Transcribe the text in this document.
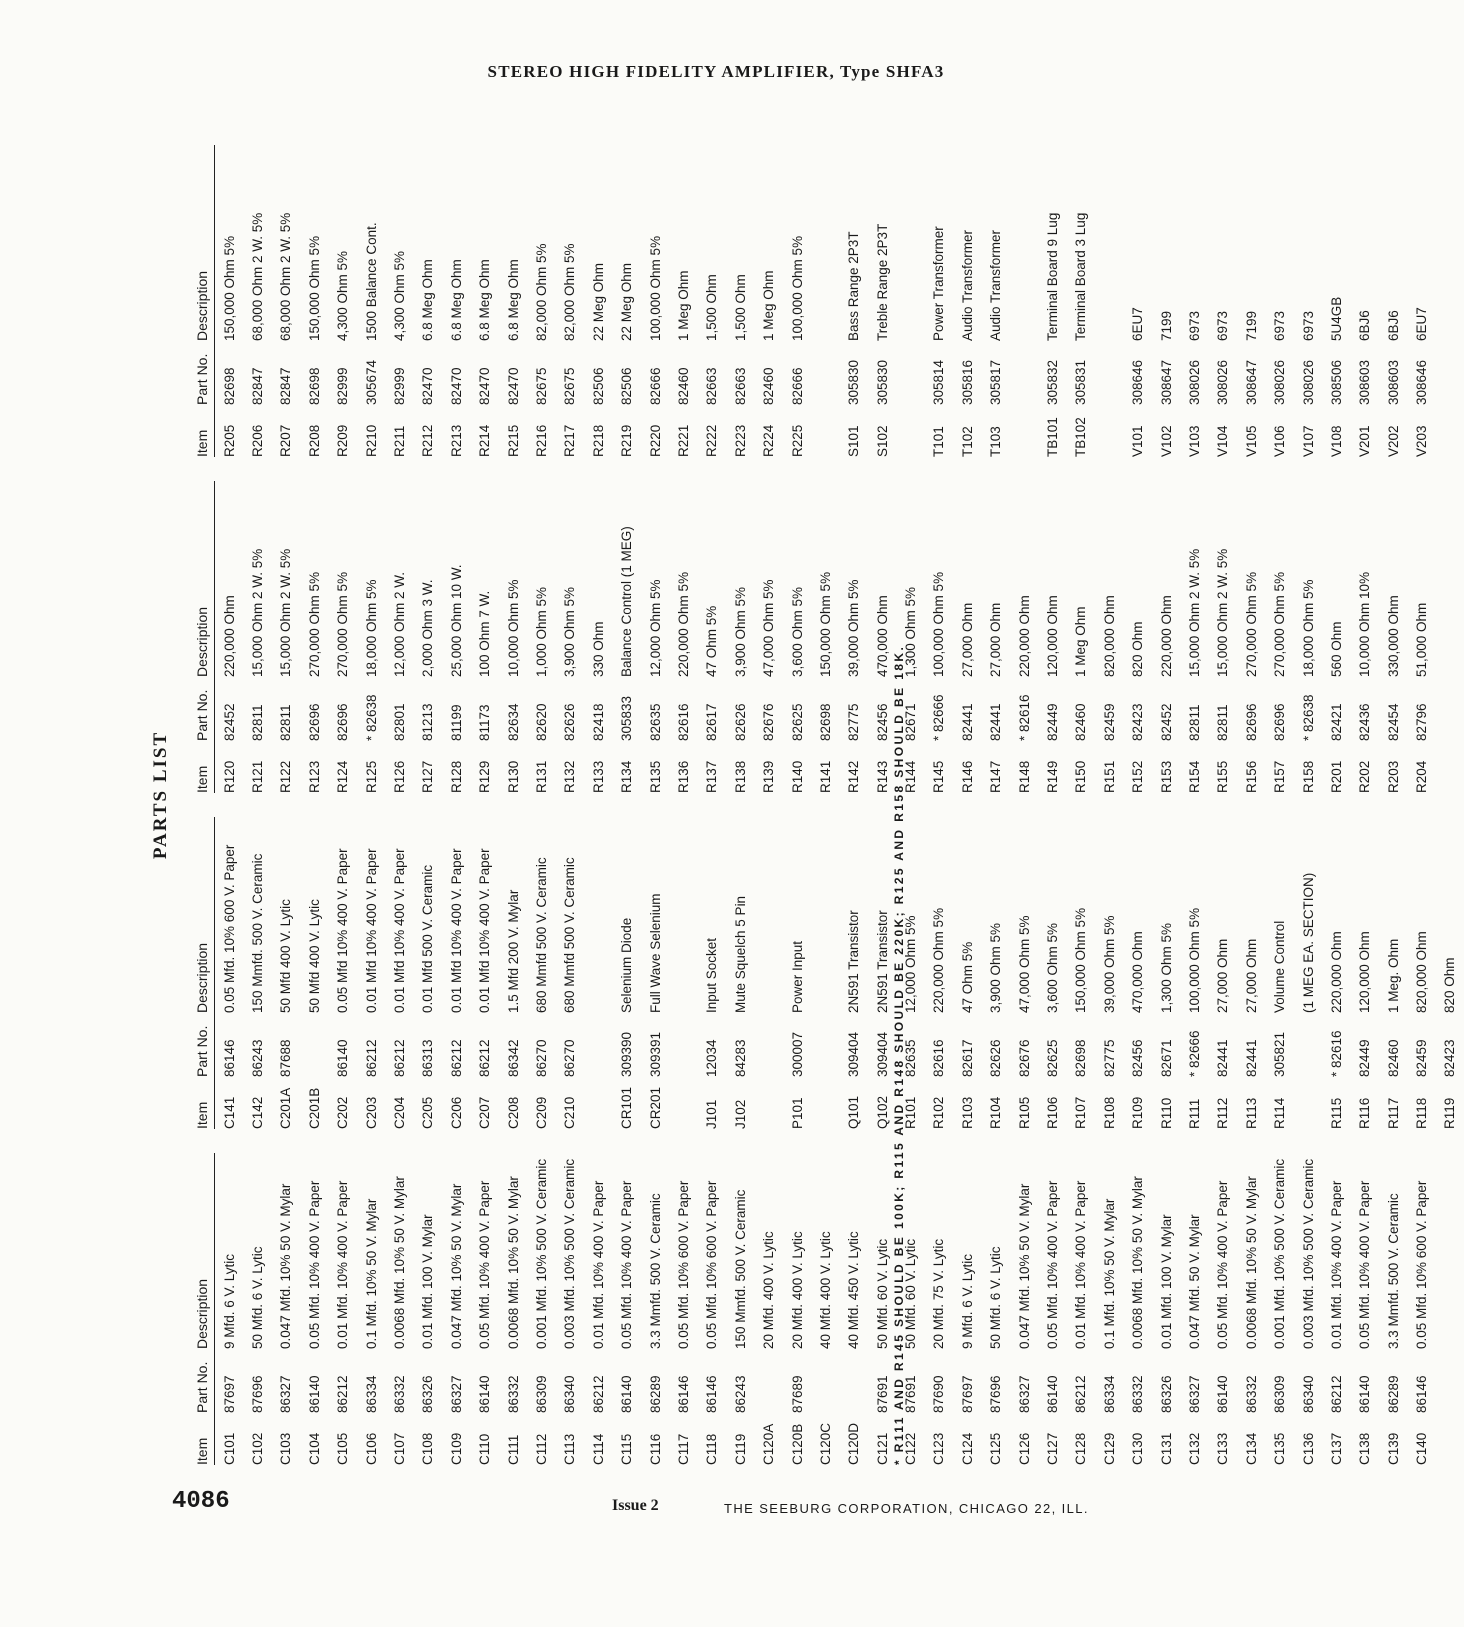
STEREO HIGH FIDELITY AMPLIFIER, Type SHFA3
PARTS LIST
Item
Part No.
Description
C101
87697
9 Mfd. 6 V. Lytic
C102
87696
50 Mfd. 6 V. Lytic
C103
86327
0.047 Mfd. 10% 50 V. Mylar
C104
86140
0.05 Mfd. 10% 400 V. Paper
C105
86212
0.01 Mfd. 10% 400 V. Paper
C106
86334
0.1 Mfd. 10% 50 V. Mylar
C107
86332
0.0068 Mfd. 10% 50 V. Mylar
C108
86326
0.01 Mfd. 100 V. Mylar
C109
86327
0.047 Mfd. 10% 50 V. Mylar
C110
86140
0.05 Mfd. 10% 400 V. Paper
C111
86332
0.0068 Mfd. 10% 50 V. Mylar
C112
86309
0.001 Mfd. 10% 500 V. Ceramic
C113
86340
0.003 Mfd. 10% 500 V. Ceramic
C114
86212
0.01 Mfd. 10% 400 V. Paper
C115
86140
0.05 Mfd. 10% 400 V. Paper
C116
86289
3.3 Mmfd. 500 V. Ceramic
C117
86146
0.05 Mfd. 10% 600 V. Paper
C118
86146
0.05 Mfd. 10% 600 V. Paper
C119
86243
150 Mmfd. 500 V. Ceramic
C120A
20 Mfd. 400 V. Lytic
C120B
87689
20 Mfd. 400 V. Lytic
C120C
40 Mfd. 400 V. Lytic
C120D
40 Mfd. 450 V. Lytic
C121
87691
50 Mfd. 60 V. Lytic
C122
87691
50 Mfd. 60 V. Lytic
C123
87690
20 Mfd. 75 V. Lytic
C124
87697
9 Mfd. 6 V. Lytic
C125
87696
50 Mfd. 6 V. Lytic
C126
86327
0.047 Mfd. 10% 50 V. Mylar
C127
86140
0.05 Mfd. 10% 400 V. Paper
C128
86212
0.01 Mfd. 10% 400 V. Paper
C129
86334
0.1 Mfd. 10% 50 V. Mylar
C130
86332
0.0068 Mfd. 10% 50 V. Mylar
C131
86326
0.01 Mfd. 100 V. Mylar
C132
86327
0.047 Mfd. 50 V. Mylar
C133
86140
0.05 Mfd. 10% 400 V. Paper
C134
86332
0.0068 Mfd. 10% 50 V. Mylar
C135
86309
0.001 Mfd. 10% 500 V. Ceramic
C136
86340
0.003 Mfd. 10% 500 V. Ceramic
C137
86212
0.01 Mfd. 10% 400 V. Paper
C138
86140
0.05 Mfd. 10% 400 V. Paper
C139
86289
3.3 Mmfd. 500 V. Ceramic
C140
86146
0.05 Mfd. 10% 600 V. Paper
Item
Part No.
Description
C141
86146
0.05 Mfd. 10% 600 V. Paper
C142
86243
150 Mmfd. 500 V. Ceramic
C201A
87688
50 Mfd 400 V. Lytic
C201B
50 Mfd 400 V. Lytic
C202
86140
0.05 Mfd 10% 400 V. Paper
C203
86212
0.01 Mfd 10% 400 V. Paper
C204
86212
0.01 Mfd 10% 400 V. Paper
C205
86313
0.01 Mfd 500 V. Ceramic
C206
86212
0.01 Mfd 10% 400 V. Paper
C207
86212
0.01 Mfd 10% 400 V. Paper
C208
86342
1.5 Mfd 200 V. Mylar
C209
86270
680 Mmfd 500 V. Ceramic
C210
86270
680 Mmfd 500 V. Ceramic
CR101
309390
Selenium Diode
CR201
309391
Full Wave Selenium
J101
12034
Input Socket
J102
84283
Mute Squelch 5 Pin
P101
300007
Power Input
Q101
309404
2N591 Transistor
Q102
309404
2N591 Transistor
R101
82635
12,000 Ohm 5%
R102
82616
220,000 Ohm 5%
R103
82617
47 Ohm 5%
R104
82626
3,900 Ohm 5%
R105
82676
47,000 Ohm 5%
R106
82625
3,600 Ohm 5%
R107
82698
150,000 Ohm 5%
R108
82775
39,000 Ohm 5%
R109
82456
470,000 Ohm
R110
82671
1,300 Ohm 5%
R111
* 82666
100,000 Ohm 5%
R112
82441
27,000 Ohm
R113
82441
27,000 Ohm
R114
305821
Volume Control (1 MEG EA. SECTION)
R115
* 82616
220,000 Ohm
R116
82449
120,000 Ohm
R117
82460
1 Meg. Ohm
R118
82459
820,000 Ohm
R119
82423
820 Ohm
Item
Part No.
Description
R120
82452
220,000 Ohm
R121
82811
15,000 Ohm 2 W. 5%
R122
82811
15,000 Ohm 2 W. 5%
R123
82696
270,000 Ohm 5%
R124
82696
270,000 Ohm 5%
R125
* 82638
18,000 Ohm 5%
R126
82801
12,000 Ohm 2 W.
R127
81213
2,000 Ohm 3 W.
R128
81199
25,000 Ohm 10 W.
R129
81173
100 Ohm 7 W.
R130
82634
10,000 Ohm 5%
R131
82620
1,000 Ohm 5%
R132
82626
3,900 Ohm 5%
R133
82418
330 Ohm
R134
305833
Balance Control (1 MEG)
R135
82635
12,000 Ohm 5%
R136
82616
220,000 Ohm 5%
R137
82617
47 Ohm 5%
R138
82626
3,900 Ohm 5%
R139
82676
47,000 Ohm 5%
R140
82625
3,600 Ohm 5%
R141
82698
150,000 Ohm 5%
R142
82775
39,000 Ohm 5%
R143
82456
470,000 Ohm
R144
82671
1,300 Ohm 5%
R145
* 82666
100,000 Ohm 5%
R146
82441
27,000 Ohm
R147
82441
27,000 Ohm
R148
* 82616
220,000 Ohm
R149
82449
120,000 Ohm
R150
82460
1 Meg Ohm
R151
82459
820,000 Ohm
R152
82423
820 Ohm
R153
82452
220,000 Ohm
R154
82811
15,000 Ohm 2 W. 5%
R155
82811
15,000 Ohm 2 W. 5%
R156
82696
270,000 Ohm 5%
R157
82696
270,000 Ohm 5%
R158
* 82638
18,000 Ohm 5%
R201
82421
560 Ohm
R202
82436
10,000 Ohm 10%
R203
82454
330,000 Ohm
R204
82796
51,000 Ohm
Item
Part No.
Description
R205
82698
150,000 Ohm 5%
R206
82847
68,000 Ohm 2 W. 5%
R207
82847
68,000 Ohm 2 W. 5%
R208
82698
150,000 Ohm 5%
R209
82999
4,300 Ohm 5%
R210
305674
1500 Balance Cont.
R211
82999
4,300 Ohm 5%
R212
82470
6.8 Meg Ohm
R213
82470
6.8 Meg Ohm
R214
82470
6.8 Meg Ohm
R215
82470
6.8 Meg Ohm
R216
82675
82,000 Ohm 5%
R217
82675
82,000 Ohm 5%
R218
82506
22 Meg Ohm
R219
82506
22 Meg Ohm
R220
82666
100,000 Ohm 5%
R221
82460
1 Meg Ohm
R222
82663
1,500 Ohm
R223
82663
1,500 Ohm
R224
82460
1 Meg Ohm
R225
82666
100,000 Ohm 5%
S101
305830
Bass Range 2P3T
S102
305830
Treble Range 2P3T
T101
305814
Power Transformer
T102
305816
Audio Transformer
T103
305817
Audio Transformer
TB101
305832
Terminal Board 9 Lug
TB102
305831
Terminal Board 3 Lug
V101
308646
6EU7
V102
308647
7199
V103
308026
6973
V104
308026
6973
V105
308647
7199
V106
308026
6973
V107
308026
6973
V108
308506
5U4GB
V201
308603
6BJ6
V202
308603
6BJ6
V203
308646
6EU7
* R111 AND R145 SHOULD BE 100K; R115 AND R148 SHOULD BE 220K; R125 AND R158 SHOULD BE 18K.
4086	Issue 2	THE SEEBURG CORPORATION, CHICAGO 22, ILL.
